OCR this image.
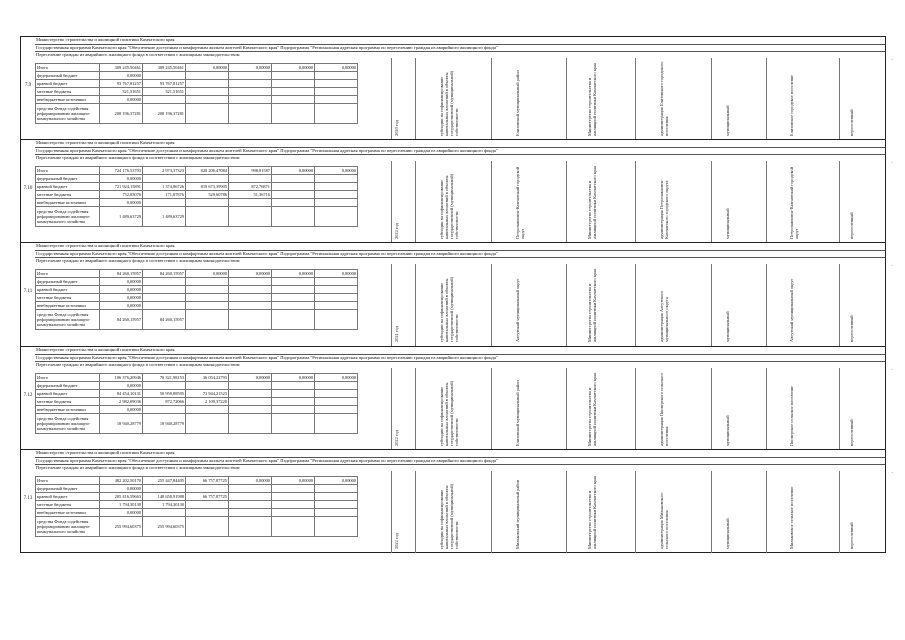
Министерство строительства и жилищной политики Камчатского края
Государственная программа Камчатского края "Обеспечение доступным и комфортным жильем жителей Камчатского края" Подпрограмма "Региональная адресная программа по переселению граждан из аварийного жилищного фонда"
Переселение граждан из аварийного жилищного фонда в соответствии с жилищным законодательством
7.9
Итого	309 245,50461	309 245,50461	0,00000	0,00000	0,00000	0,00000
федеральный бюджет	0,00000					
краевой бюджет	93 767,81257	93 767,81257				
местные бюджеты	321,51651	321,51651				
внебюджетные источники	0,00000					
средства Фонда содействия реформированию жилищно-коммунального хозяйства	208 196,37281	208 196,37281				
2020 год	субсидии на софинансирование капитальных вложений в объекты государственной (муниципальной) собственности	Елизовский муниципальный район	Министерство строительства и жилищной политики Камчатского края	администрация Елизовского городского поселения	муниципальный	Елизовское городское поселение	переселенный
-
Министерство строительства и жилищной политики Камчатского края
Государственная программа Камчатского края "Обеспечение доступным и комфортным жильем жителей Камчатского края" Подпрограмма "Региональная адресная программа по переселению граждан из аварийного жилищного фонда"
Переселение граждан из аварийного жилищного фонда в соответствии с жилищным законодательством
7.10
Итого	724 176,53703	2 973,37323	820 206,47084	998,81587	0,00000	0,00000
федеральный бюджет	0,00000					
краевой бюджет	721 924,15891	1 374,86726	819 673,39905	872,76871		
местные бюджеты	752,85076	171,87876	529,60786	51,36716		
внебюджетные источники	0,00000					
средства Фонда содействия реформированию жилищно-коммунального хозяйства	1 489,63729	1 489,63729				
2022 год	субсидии на софинансирование капитальных вложений в объекты государственной (муниципальной) собственности	Петропавловск-Камчатский городской округ	Министерство строительства и жилищной политики Камчатского края	администрация Петропавловск-Камчатского городского округа	муниципальный	Петропавловск-Камчатский городской округ	переселенный
-
Министерство строительства и жилищной политики Камчатского края
Государственная программа Камчатского края "Обеспечение доступным и комфортным жильем жителей Камчатского края" Подпрограмма "Региональная адресная программа по переселению граждан из аварийного жилищного фонда"
Переселение граждан из аварийного жилищного фонда в соответствии с жилищным законодательством
7.11
Итого	84 260,15957	84 260,15957	0,00000	0,00000	0,00000	0,00000
федеральный бюджет	0,00000					
краевой бюджет	0,00000					
местные бюджеты	0,00000					
внебюджетные источники	0,00000					
средства Фонда содействия реформированию жилищно-коммунального хозяйства	84 260,15957	84 260,15957				
2021 год	субсидии на софинансирование капитальных вложений в объекты государственной (муниципальной) собственности	Алеутский муниципальный округ	Министерство строительства и жилищной политики Камчатского края	администрация Алеутского муниципального округа	муниципальный	Алеутский муниципальный округ	переселенный
-
Министерство строительства и жилищной политики Камчатского края
Государственная программа Камчатского края "Обеспечение доступным и комфортным жильем жителей Камчатского края" Подпрограмма "Региональная адресная программа по переселению граждан из аварийного жилищного фонда"
Переселение граждан из аварийного жилищного фонда в соответствии с жилищным законодательством
7.12
Итого	106 376,20946	70 321,98153	36 054,22793	0,00000	0,00000	0,00000
федеральный бюджет	0,00000					
краевой бюджет	84 454,10131	50 959,88595	73 944,21523			
местные бюджеты	2 982,09036	872,72066	2 109,37220			
внебюджетные источники	0,00000					
средства Фонда содействия реформированию жилищно-коммунального хозяйства	18 940,28779	18 940,28779				
2022 год	субсидии на софинансирование капитальных вложений в объекты государственной (муниципальной) собственности	Елизовский муниципальный район	Министерство строительства и жилищной политики Камчатского края	администрация Пионерского сельского поселения	муниципальный	Пионерское сельское поселение	переселенный
-
Министерство строительства и жилищной политики Камчатского края
Государственная программа Камчатского края "Обеспечение доступным и комфортным жильем жителей Камчатского края" Подпрограмма "Региональная адресная программа по переселению граждан из аварийного жилищного фонда"
Переселение граждан из аварийного жилищного фонда в соответствии с жилищным законодательством
7.13
Итого	482 202,50170	255 447,84405	66 757,87725	0,00000	0,00000	0,00000
федеральный бюджет	0,00000					
краевой бюджет	205 416,59663	148 658,91988	66 757,87725			
местные бюджеты	1 794,30130	1 794,30130				
внебюджетные источники	0,00000					
средства Фонда содействия реформированию жилищно-коммунального хозяйства	255 994,60375	255 994,60375				
2022 год	субсидии на софинансирование капитальных вложений в объекты государственной (муниципальной) собственности	Мильковский муниципальный район	Министерство строительства и жилищной политики Камчатского края	администрация Мильковского сельского поселения	муниципальный	Мильковское сельское поселение	переселенный
-
